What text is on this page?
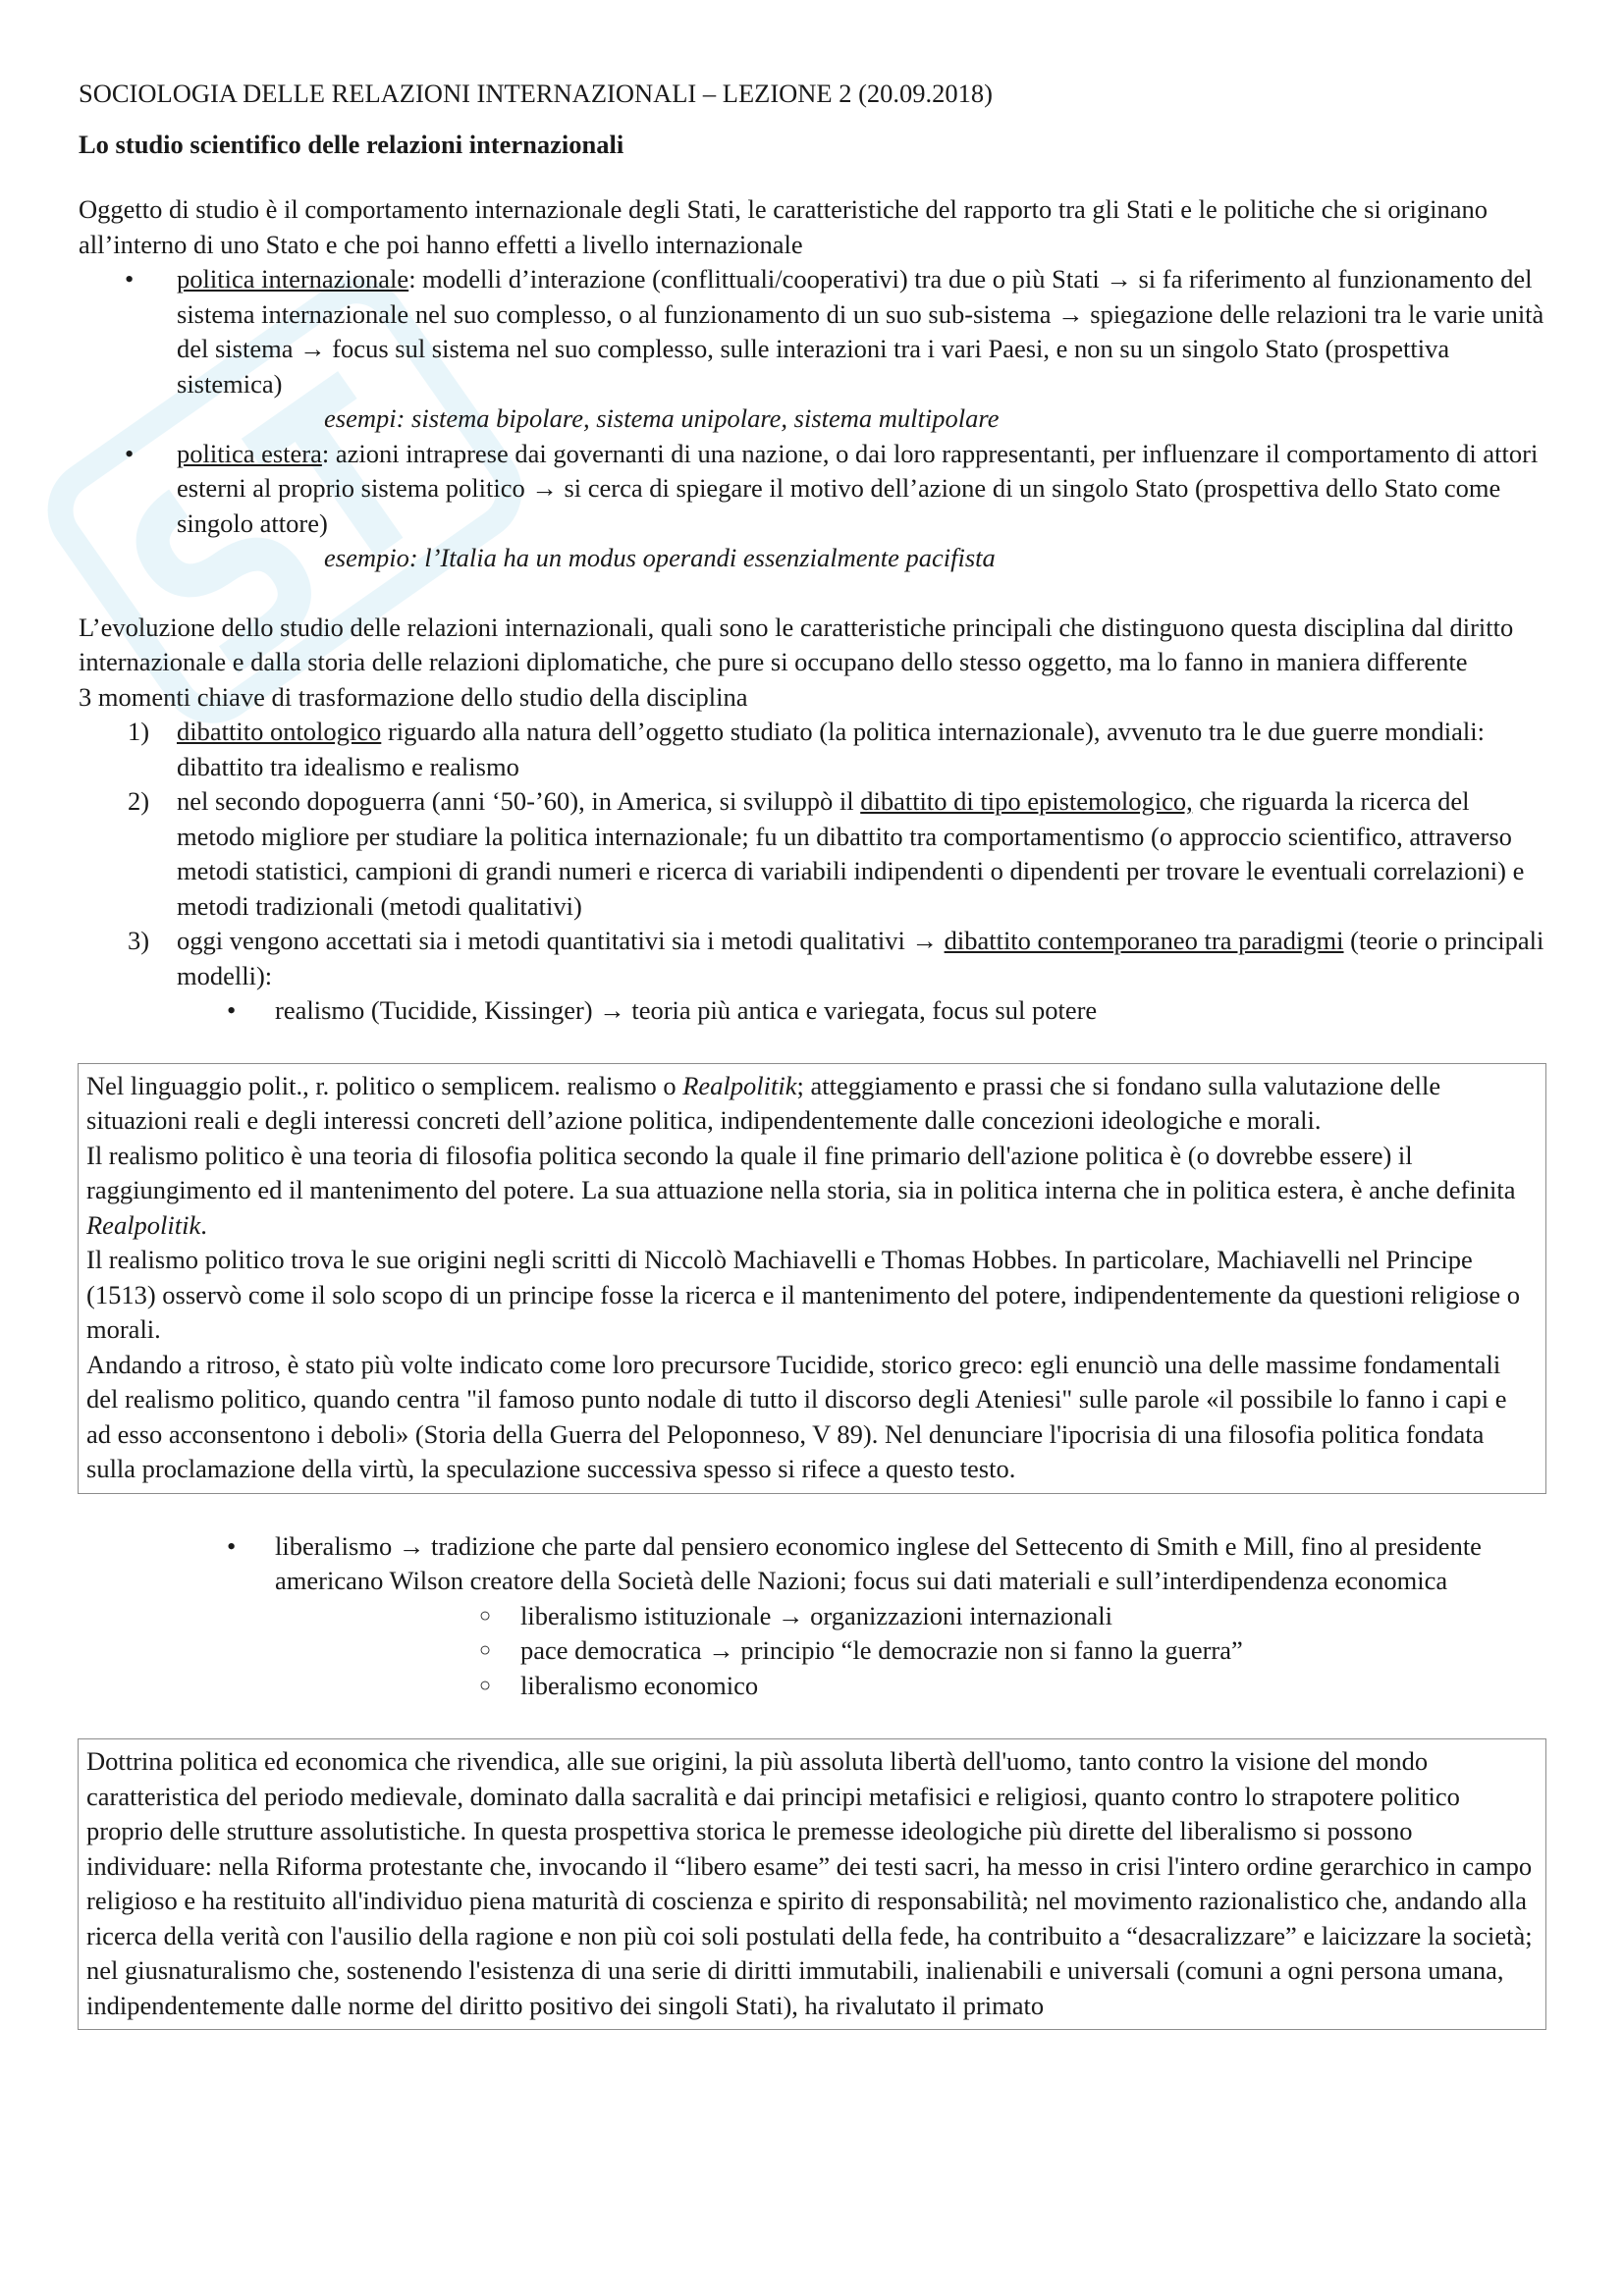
SOCIOLOGIA DELLE RELAZIONI INTERNAZIONALI – LEZIONE 2 (20.09.2018)

Lo studio scientifico delle relazioni internazionali

Oggetto di studio è il comportamento internazionale degli Stati, le caratteristiche del rapporto tra gli Stati e le politiche che si originano all’interno di uno Stato e che poi hanno effetti a livello internazionale

• politica internazionale: modelli d’interazione (conflittuali/cooperativi) tra due o più Stati → si fa riferimento al funzionamento del sistema internazionale nel suo complesso, o al funzionamento di un suo sub-sistema → spiegazione delle relazioni tra le varie unità del sistema → focus sul sistema nel suo complesso, sulle interazioni tra i vari Paesi, e non su un singolo Stato (prospettiva sistemica)
esempi: sistema bipolare, sistema unipolare, sistema multipolare
• politica estera: azioni intraprese dai governanti di una nazione, o dai loro rappresentanti, per influenzare il comportamento di attori esterni al proprio sistema politico → si cerca di spiegare il motivo dell’azione di un singolo Stato (prospettiva dello Stato come singolo attore)
esempio: l’Italia ha un modus operandi essenzialmente pacifista

L’evoluzione dello studio delle relazioni internazionali, quali sono le caratteristiche principali che distinguono questa disciplina dal diritto internazionale e dalla storia delle relazioni diplomatiche, che pure si occupano dello stesso oggetto, ma lo fanno in maniera differente

3 momenti chiave di trasformazione dello studio della disciplina

1) dibattito ontologico riguardo alla natura dell’oggetto studiato (la politica internazionale), avvenuto tra le due guerre mondiali: dibattito tra idealismo e realismo
2) nel secondo dopoguerra (anni ‘50-’60), in America, si sviluppò il dibattito di tipo epistemologico, che riguarda la ricerca del metodo migliore per studiare la politica internazionale; fu un dibattito tra comportamentismo (o approccio scientifico, attraverso metodi statistici, campioni di grandi numeri e ricerca di variabili indipendenti o dipendenti per trovare le eventuali correlazioni) e metodi tradizionali (metodi qualitativi)
3) oggi vengono accettati sia i metodi quantitativi sia i metodi qualitativi → dibattito contemporaneo tra paradigmi (teorie o principali modelli):
• realismo (Tucidide, Kissinger) → teoria più antica e variegata, focus sul potere

Nel linguaggio polit., r. politico o semplicem. realismo o Realpolitik; atteggiamento e prassi che si fondano sulla valutazione delle situazioni reali e degli interessi concreti dell’azione politica, indipendentemente dalle concezioni ideologiche e morali.

Il realismo politico è una teoria di filosofia politica secondo la quale il fine primario dell'azione politica è (o dovrebbe essere) il raggiungimento ed il mantenimento del potere. La sua attuazione nella storia, sia in politica interna che in politica estera, è anche definita Realpolitik.

Il realismo politico trova le sue origini negli scritti di Niccolò Machiavelli e Thomas Hobbes. In particolare, Machiavelli nel Principe (1513) osservò come il solo scopo di un principe fosse la ricerca e il mantenimento del potere, indipendentemente da questioni religiose o morali.

Andando a ritroso, è stato più volte indicato come loro precursore Tucidide, storico greco: egli enunciò una delle massime fondamentali del realismo politico, quando centra "il famoso punto nodale di tutto il discorso degli Ateniesi" sulle parole «il possibile lo fanno i capi e ad esso acconsentono i deboli» (Storia della Guerra del Peloponneso, V 89). Nel denunciare l'ipocrisia di una filosofia politica fondata sulla proclamazione della virtù, la speculazione successiva spesso si rifece a questo testo.

• liberalismo → tradizione che parte dal pensiero economico inglese del Settecento di Smith e Mill, fino al presidente americano Wilson creatore della Società delle Nazioni; focus sui dati materiali e sull’interdipendenza economica
○ liberalismo istituzionale → organizzazioni internazionali
○ pace democratica → principio “le democrazie non si fanno la guerra”
○ liberalismo economico

Dottrina politica ed economica che rivendica, alle sue origini, la più assoluta libertà dell'uomo, tanto contro la visione del mondo caratteristica del periodo medievale, dominato dalla sacralità e dai principi metafisici e religiosi, quanto contro lo strapotere politico proprio delle strutture assolutistiche. In questa prospettiva storica le premesse ideologiche più dirette del liberalismo si possono individuare: nella Riforma protestante che, invocando il “libero esame” dei testi sacri, ha messo in crisi l'intero ordine gerarchico in campo religioso e ha restituito all'individuo piena maturità di coscienza e spirito di responsabilità; nel movimento razionalistico che, andando alla ricerca della verità con l'ausilio della ragione e non più coi soli postulati della fede, ha contribuito a “desacralizzare” e laicizzare la società; nel giusnaturalismo che, sostenendo l'esistenza di una serie di diritti immutabili, inalienabili e universali (comuni a ogni persona umana, indipendentemente dalle norme del diritto positivo dei singoli Stati), ha rivalutato il primato
